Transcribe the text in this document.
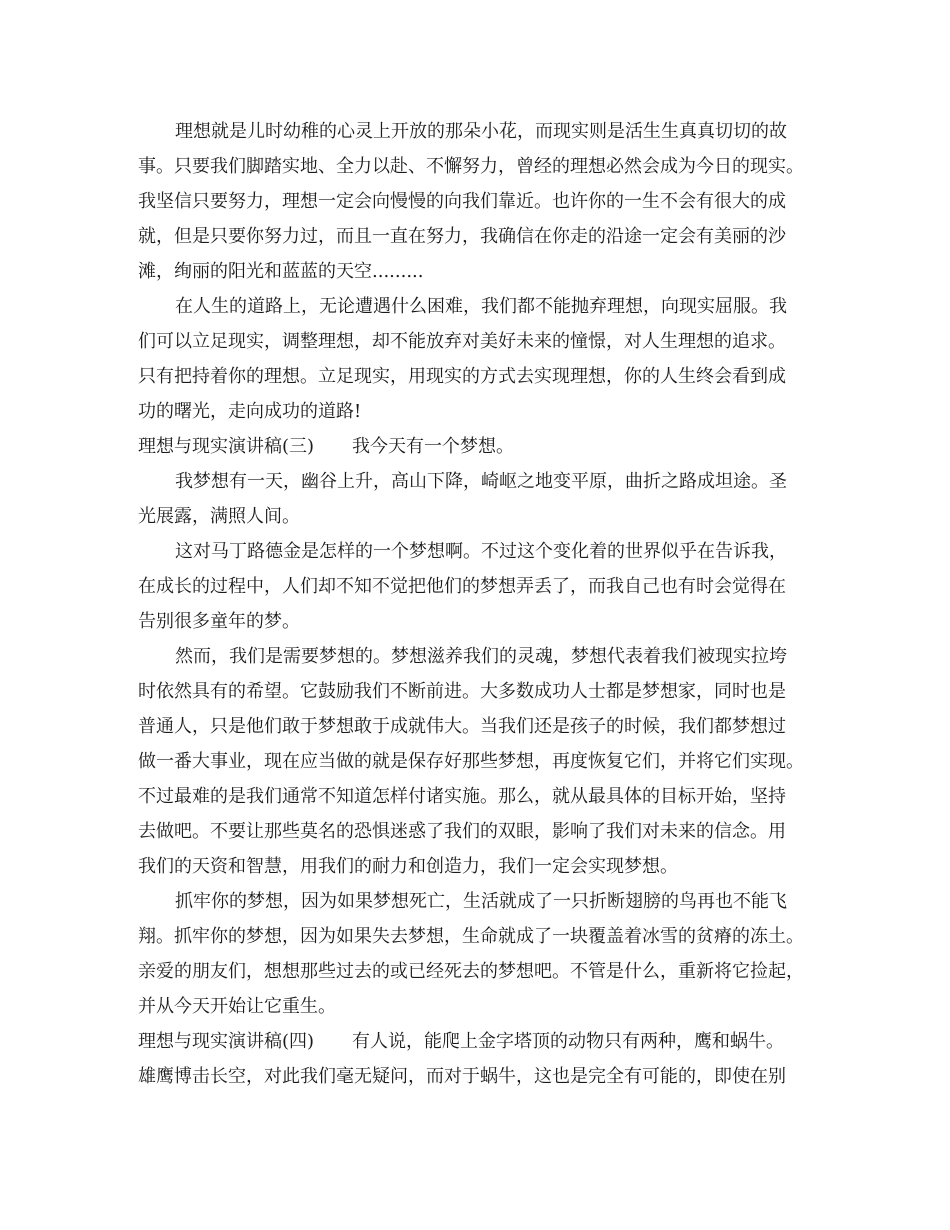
理想就是儿时幼稚的心灵上开放的那朵小花，而现实则是活生生真真切切的故
事。只要我们脚踏实地、全力以赴、不懈努力，曾经的理想必然会成为今日的现实。
我坚信只要努力，理想一定会向慢慢的向我们靠近。也许你的一生不会有很大的成
就，但是只要你努力过，而且一直在努力，我确信在你走的沿途一定会有美丽的沙
滩，绚丽的阳光和蓝蓝的天空.........
在人生的道路上，无论遭遇什么困难，我们都不能抛弃理想，向现实屈服。我
们可以立足现实，调整理想，却不能放弃对美好未来的憧憬，对人生理想的追求。
只有把持着你的理想。立足现实，用现实的方式去实现理想，你的人生终会看到成
功的曙光，走向成功的道路!
理想与现实演讲稿(三) 我今天有一个梦想。
我梦想有一天，幽谷上升，高山下降，崎岖之地变平原，曲折之路成坦途。圣
光展露，满照人间。
这对马丁路德金是怎样的一个梦想啊。不过这个变化着的世界似乎在告诉我，
在成长的过程中，人们却不知不觉把他们的梦想弄丢了，而我自己也有时会觉得在
告别很多童年的梦。
然而，我们是需要梦想的。梦想滋养我们的灵魂，梦想代表着我们被现实拉垮
时依然具有的希望。它鼓励我们不断前进。大多数成功人士都是梦想家，同时也是
普通人，只是他们敢于梦想敢于成就伟大。当我们还是孩子的时候，我们都梦想过
做一番大事业，现在应当做的就是保存好那些梦想，再度恢复它们，并将它们实现。
不过最难的是我们通常不知道怎样付诸实施。那么，就从最具体的目标开始，坚持
去做吧。不要让那些莫名的恐惧迷惑了我们的双眼，影响了我们对未来的信念。用
我们的天资和智慧，用我们的耐力和创造力，我们一定会实现梦想。
抓牢你的梦想，因为如果梦想死亡，生活就成了一只折断翅膀的鸟再也不能飞
翔。抓牢你的梦想，因为如果失去梦想，生命就成了一块覆盖着冰雪的贫瘠的冻土。
亲爱的朋友们，想想那些过去的或已经死去的梦想吧。不管是什么，重新将它捡起，
并从今天开始让它重生。
理想与现实演讲稿(四) 有人说，能爬上金字塔顶的动物只有两种，鹰和蜗牛。
雄鹰博击长空，对此我们毫无疑问，而对于蜗牛，这也是完全有可能的，即使在别
